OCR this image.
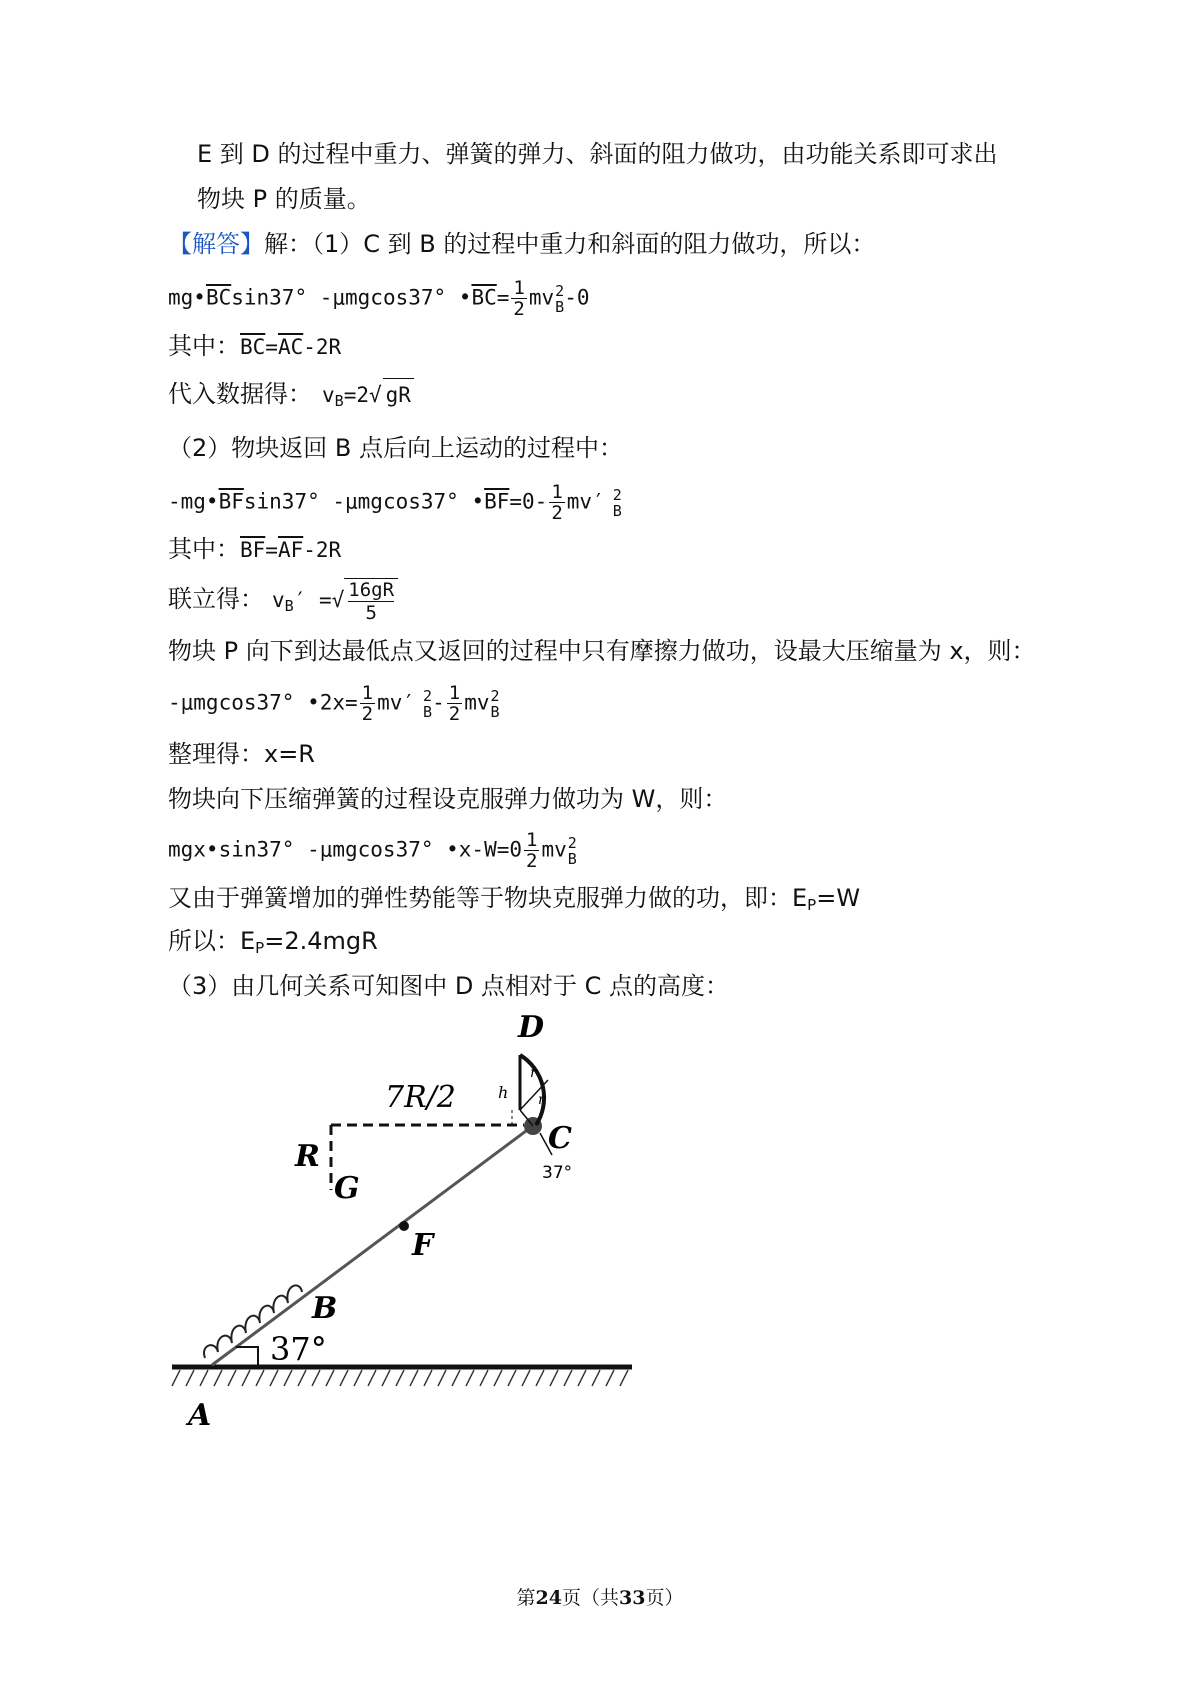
E 到 D 的过程中重力、弹簧的弹力、斜面的阻力做功，由功能关系即可求出
物块 P 的质量。
【解答】解：（1）C 到 B 的过程中重力和斜面的阻力做功，所以：
$mg•\overline{BC}\sin 37^\circ$ -μmgcos37° $•\overline{BC}= \frac{1}{2}$ mv 2
B -0
其中：$\overline{BC}=\overline{AC}-2R$
代入数据得： $v_B=2√$ gR
（2）物块返回 B 点后向上运动的过程中：
$-mg•\overline{BF}\sin 37^\circ$ -μmgcos37° $•\overline{BF}=0- \frac{1}{2} mv'$ 2
B
其中：$\overline{BF}=\overline{AF}-2R$
联立得： $v_B'$ =√ $\frac{16gR}{5}$
物块 P 向下到达最低点又返回的过程中只有摩擦力做功，设最大压缩量为 x，则：
-μmgcos37° •2x= $\frac{1}{2} mv'$ 2
B - $\frac{1}{2}$ mv 2
B
整理得：x=R
物块向下压缩弹簧的过程设克服弹力做功为 W，则：
mgx•sin37° -μmgcos37° •x-W=0 $\frac{1}{2}$ mv 2
B
又由于弹簧增加的弹性势能等于物块克服弹力做的功，即：$E_P=W$
所以：$E_P=2.4mgR$
（3）由几何关系可知图中 D 点相对于 C 点的高度：
D
C
R
G
F
B
A
h
r
r
37°
37°
7R/2
第24页（共33页）
